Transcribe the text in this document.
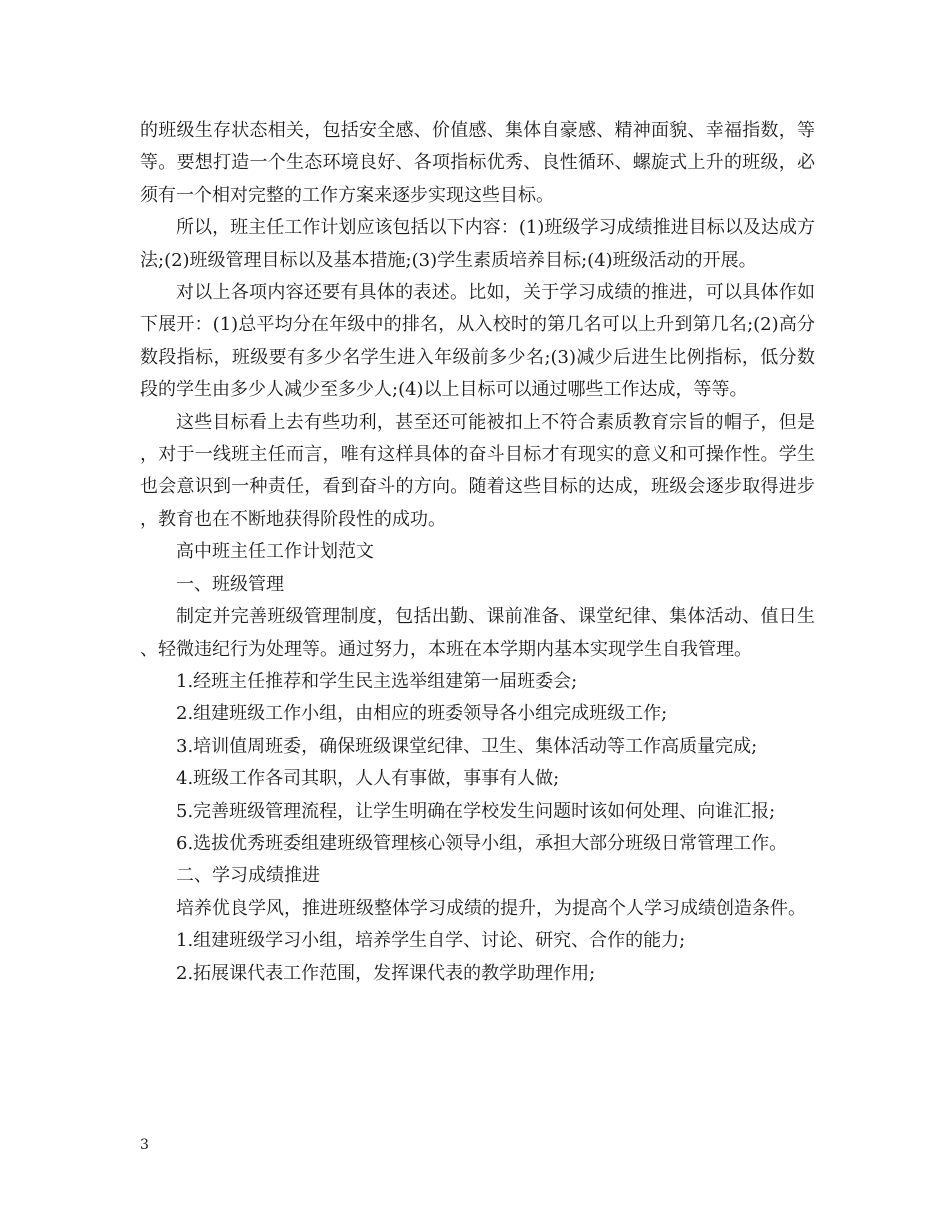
的班级生存状态相关，包括安全感、价值感、集体自豪感、精神面貌、幸福指数，等等。要想打造一个生态环境良好、各项指标优秀、良性循环、螺旋式上升的班级，必须有一个相对完整的工作方案来逐步实现这些目标。

所以，班主任工作计划应该包括以下内容：(1)班级学习成绩推进目标以及达成方法;(2)班级管理目标以及基本措施;(3)学生素质培养目标;(4)班级活动的开展。

对以上各项内容还要有具体的表述。比如，关于学习成绩的推进，可以具体作如下展开：(1)总平均分在年级中的排名，从入校时的第几名可以上升到第几名;(2)高分数段指标，班级要有多少名学生进入年级前多少名;(3)减少后进生比例指标，低分数段的学生由多少人减少至多少人;(4)以上目标可以通过哪些工作达成，等等。

这些目标看上去有些功利，甚至还可能被扣上不符合素质教育宗旨的帽子，但是，对于一线班主任而言，唯有这样具体的奋斗目标才有现实的意义和可操作性。学生也会意识到一种责任，看到奋斗的方向。随着这些目标的达成，班级会逐步取得进步，教育也在不断地获得阶段性的成功。

高中班主任工作计划范文

一、班级管理

制定并完善班级管理制度，包括出勤、课前准备、课堂纪律、集体活动、值日生、轻微违纪行为处理等。通过努力，本班在本学期内基本实现学生自我管理。

1.经班主任推荐和学生民主选举组建第一届班委会;

2.组建班级工作小组，由相应的班委领导各小组完成班级工作;

3.培训值周班委，确保班级课堂纪律、卫生、集体活动等工作高质量完成;

4.班级工作各司其职，人人有事做，事事有人做;

5.完善班级管理流程，让学生明确在学校发生问题时该如何处理、向谁汇报;

6.选拔优秀班委组建班级管理核心领导小组，承担大部分班级日常管理工作。

二、学习成绩推进

培养优良学风，推进班级整体学习成绩的提升，为提高个人学习成绩创造条件。

1.组建班级学习小组，培养学生自学、讨论、研究、合作的能力;

2.拓展课代表工作范围，发挥课代表的教学助理作用;

3
